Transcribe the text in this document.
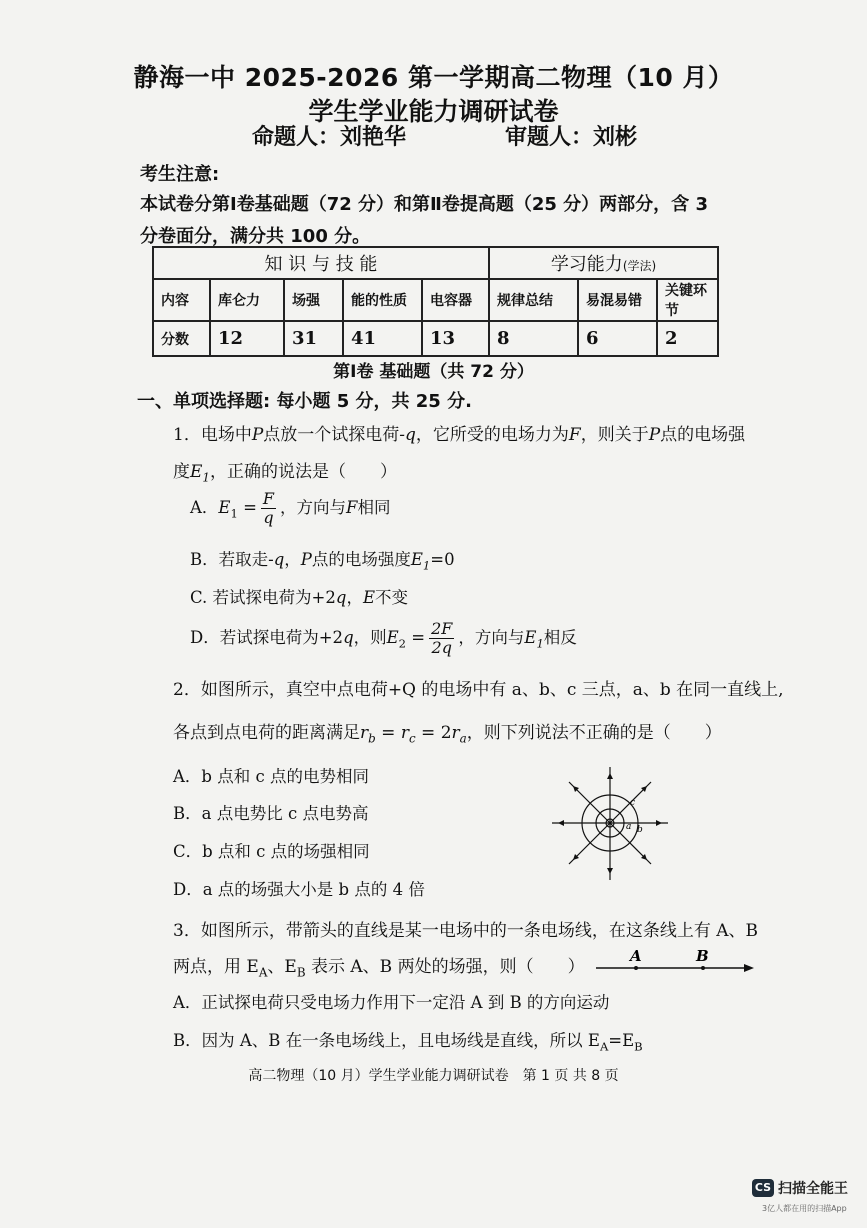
静海一中 2025-2026 第一学期高二物理（10 月）
学生学业能力调研试卷
命题人：刘艳华	审题人：刘彬
考生注意:
本试卷分第Ⅰ卷基础题（72 分）和第Ⅱ卷提高题（25 分）两部分，含 3
分卷面分，满分共 100 分。
知 识 与 技 能					学习能力(学法)		
内容	库仑力	场强	能的性质	电容器	规律总结	易混易错	关键环节
分数	12	31	41	13	8	6	2
第Ⅰ卷 基础题（共 72 分）
一、单项选择题: 每小题 5 分，共 25 分.
1．电场中P点放一个试探电荷-q，它所受的电场力为F，则关于P点的电场强
度$E_1$，正确的说法是（　　）
A．$E_1 = \frac{F}{q}$ ，方向与F相同
B．若取走-q，P点的电场强度$E_1=0$
C. 若试探电荷为+2q，E不变
D．若试探电荷为+2q，则$E_2 = \frac{2F}{2q}$ ，方向与$E_1$相反
2．如图所示，真空中点电荷+Q 的电场中有 a、b、c 三点，a、b 在同一直线上,
各点到点电荷的距离满足$r_b = r_c = 2r_a$，则下列说法不正确的是（　　）
A．b 点和 c 点的电势相同
B．a 点电势比 c 点电势高
C．b 点和 c 点的场强相同
D．a 点的场强大小是 b 点的 4 倍
a b
c
3．如图所示，带箭头的直线是某一电场中的一条电场线，在这条线上有 A、B
两点，用 $E_A$、$E_B$ 表示 A、B 两处的场强，则（　　）
A．正试探电荷只受电场力作用下一定沿 A 到 B 的方向运动
B．因为 A、B 在一条电场线上，且电场线是直线，所以 $E_A=E_B$
A	B
高二物理（10 月）学生学业能力调研试卷　第 1 页 共 8 页
CS 扫描全能王
3亿人都在用的扫描App
